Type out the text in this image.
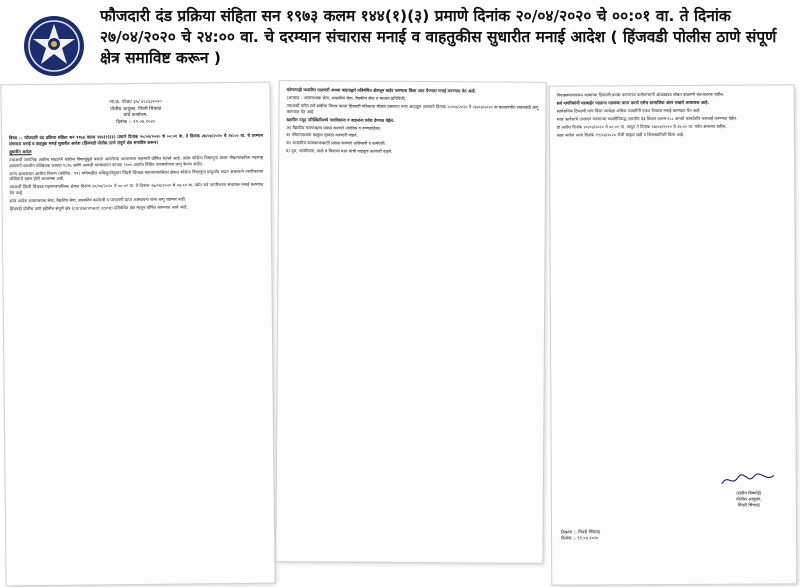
फौजदारी दंड प्रक्रिया संहिता सन १९७३ कलम १४४(१)(३) प्रमाणे दिनांक २०/०४/२०२० चे ००:०१ वा. ते दिनांक २७/०४/२०२० चे २४:०० वा. चे दरम्यान संचारास मनाई व वाहतुकीस सुधारीत मनाई आदेश ( हिंजवडी पोलीस ठाणे संपूर्ण क्षेत्र समाविष्ट करून )
जा.क्र. पोआ/ ३५/ ४८८६/२०२०
पोलीस आयुक्त, पिंपरी चिंचवड
यांचे कार्यालय,
दिनांक :- १९.०४.२०२०
विषय :- फौजदारी दंड प्रक्रिया संहिता सन १९७३ कलम १४४(१)(३) प्रमाणे दिनांक २०/०४/२०२० चे ००:०१ वा. ते दिनांक २७/०४/२०२० चे २४:०० वा. चे दरम्यान संचारास मनाई व वाहतुक मनाई सुधारीत आदेश (हिंजवडी पोलीस ठाणे संपूर्ण क्षेत्र समाविष्ट करून)
सुधारीत आदेश
ज्याअर्थी जागतिक आरोग्य संघटनेने कोरोना विषाणूमुळे पसरत असलेल्या आजाराला महामारी घोषित केलेले आहे. तसेच कोरोना विषाणूचा प्रसार रोखण्याकरिता महाराष्ट्र शासनाने साथरोग प्रतिबंधक कायदा १८९७ आणि आपत्ती व्यवस्थापन कायदा २००५ अंतर्गत विविध उपाययोजना लागू केल्या आहेत.
राज्य शासनाच्या आरोग्य विभाग (कोविड - १९) यांचेकडील अधिसूचनेनुसार पिंपरी चिंचवड महानगरपालिका क्षेत्रात कोरोना विषाणूचा प्रादुर्भाव वाढत असल्याने नागरिकांच्या जीविताचे रक्षण होणे आवश्यक आहे.
त्याअर्थी पिंपरी चिंचवड महानगरपालिका क्षेत्रात दिनांक २०/०४/२०२० चे ००:०१ वा. ते दिनांक २७/०४/२०२० चे २४:०० वा. पर्यंत सर्व नागरिकांना संचारास मनाई करण्यात येत आहे.
सदर आदेश अत्यावश्यक सेवा, वैद्यकीय सेवा, शासकीय कर्मचारी व परवानगी प्राप्त आस्थापना यांना लागू राहणार नाही.
हिंजवडी पोलीस ठाणे हद्दीतील संपूर्ण क्षेत्र (containment zone) प्रतिबंधित क्षेत्र म्हणून घोषित करण्यात आले आहे.
कोणत्याही व्यक्तीस पादचारी अथवा वाहनाद्वारे प्रतिबंधित क्षेत्रातून बाहेर जाण्यास किंवा आत येण्यास मनाई करण्यात येत आहे.
(अपवाद - अत्यावश्यक सेवा, शासकीय सेवा, वैद्यकीय सेवा व माध्यम प्रतिनिधी)
ज्याअर्थी वरील सर्व बाबींचा विचार करता हिंजवडी परिसरात मोठ्या प्रमाणात रुग्ण आढळून आल्याने दिनांक २०/०४/२०२० ते २७/०४/२०२० या कालावधीत संचारबंदी लागू करण्यात येत आहे.
खालील नमूद परिस्थितीमध्ये नागरिकांना व वाहनांना प्रवेश देण्यात येईल.
अ) वैद्यकीय कारणास्तव प्रवास करणारे नागरिक व रुग्णवाहिका.
ब) जीवनावश्यक वस्तूंचा पुरवठा करणारी वाहने.
क) शासकीय कामकाजासाठी प्रवास करणारे अधिकारी व कर्मचारी.
ड) दूध, भाजीपाला, फळे व किराणा माल यांची वाहतूक करणारी वाहने.
निवासस्थानावरून कामाच्या ठिकाणी प्रवास करणाऱ्या कर्मचाऱ्यांनी ओळखपत्र सोबत बाळगणे बंधनकारक राहील.
सर्व नागरिकांनी घराबाहेर पडताना मास्कचा वापर करणे तसेच सामाजिक अंतर राखणे आवश्यक आहे.
सार्वजनिक ठिकाणी पाच किंवा त्यापेक्षा अधिक व्यक्तींनी एकत्र येण्यास मनाई करण्यात येत आहे.
सदर आदेशाचे उल्लंघन करणाऱ्या व्यक्तीविरुद्ध भारतीय दंड विधान कलम १८८ अन्वये कायदेशीर कारवाई करण्यात येईल.
हा आदेश दिनांक २०/०४/२०२० चे ००:०१ वा. पासून ते दिनांक २७/०४/२०२० चे २४:०० वा. पर्यंत अंमलात राहील.
सदर आदेश आज दिनांक १९/०४/२०२० रोजी माझ्या सही व शिक्क्यानिशी दिला आहे.
(संदीप बिष्णोई)
पोलीस आयुक्त,
पिंपरी चिंचवड
ठिकाण :- पिंपरी चिंचवड
दिनांक :- १९.०४.२०२०
